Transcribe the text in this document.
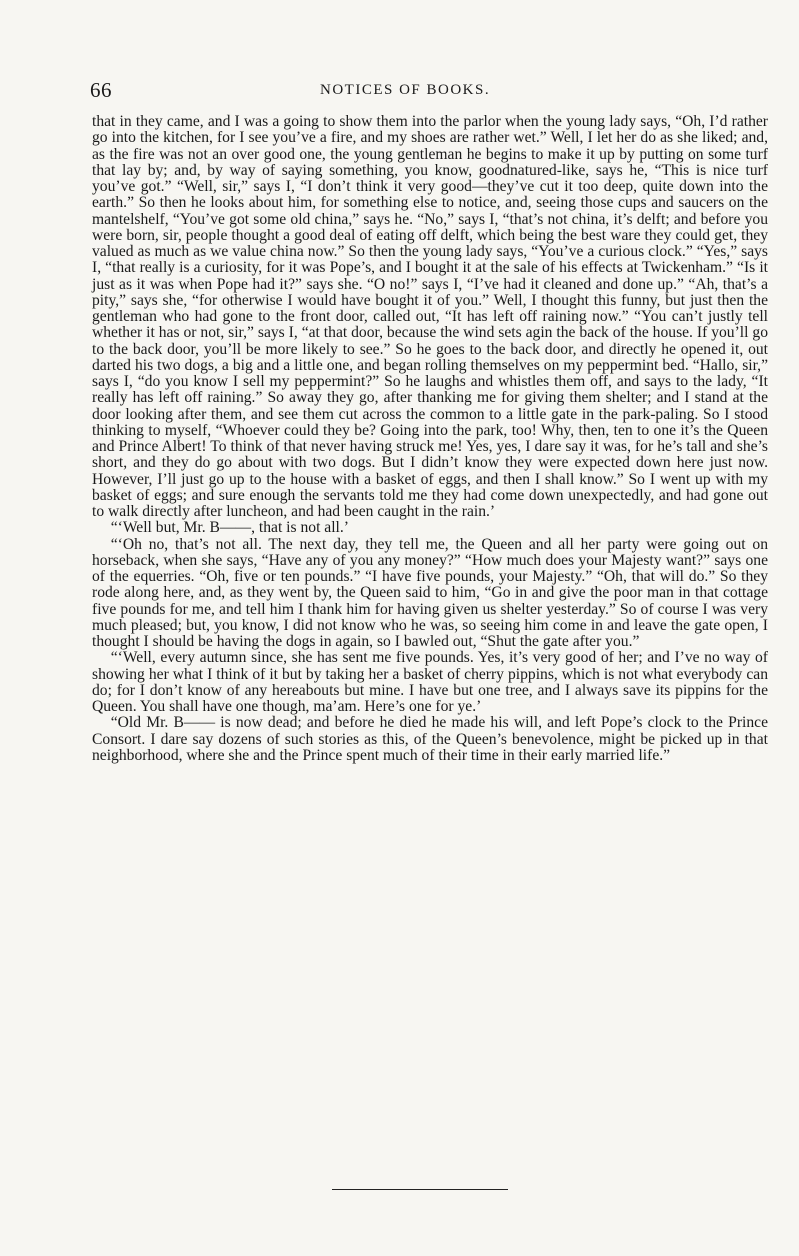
66	NOTICES OF BOOKS.

that in they came, and I was a going to show them into the parlor when the young lady says, “Oh, I’d rather go into the kitchen, for I see you’ve a fire, and my shoes are rather wet.” Well, I let her do as she liked; and, as the fire was not an over good one, the young gentleman he begins to make it up by putting on some turf that lay by; and, by way of saying something, you know, goodnatured-like, says he, “This is nice turf you’ve got.” “Well, sir,” says I, “I don’t think it very good—they’ve cut it too deep, quite down into the earth.” So then he looks about him, for something else to notice, and, seeing those cups and saucers on the mantelshelf, “You’ve got some old china,” says he. “No,” says I, “that’s not china, it’s delft; and before you were born, sir, people thought a good deal of eating off delft, which being the best ware they could get, they valued as much as we value china now.” So then the young lady says, “You’ve a curious clock.” “Yes,” says I, “that really is a curiosity, for it was Pope’s, and I bought it at the sale of his effects at Twickenham.” “Is it just as it was when Pope had it?” says she. “O no!” says I, “I’ve had it cleaned and done up.” “Ah, that’s a pity,” says she, “for otherwise I would have bought it of you.” Well, I thought this funny, but just then the gentleman who had gone to the front door, called out, “It has left off raining now.” “You can’t justly tell whether it has or not, sir,” says I, “at that door, because the wind sets agin the back of the house. If you’ll go to the back door, you’ll be more likely to see.” So he goes to the back door, and directly he opened it, out darted his two dogs, a big and a little one, and began rolling themselves on my peppermint bed. “Hallo, sir,” says I, “do you know I sell my peppermint?” So he laughs and whistles them off, and says to the lady, “It really has left off raining.” So away they go, after thanking me for giving them shelter; and I stand at the door looking after them, and see them cut across the common to a little gate in the park-paling. So I stood thinking to myself, “Whoever could they be? Going into the park, too! Why, then, ten to one it’s the Queen and Prince Albert! To think of that never having struck me! Yes, yes, I dare say it was, for he’s tall and she’s short, and they do go about with two dogs. But I didn’t know they were expected down here just now. However, I’ll just go up to the house with a basket of eggs, and then I shall know.” So I went up with my basket of eggs; and sure enough the servants told me they had come down unexpectedly, and had gone out to walk directly after luncheon, and had been caught in the rain.’

“‘Well but, Mr. B——, that is not all.’

“‘Oh no, that’s not all. The next day, they tell me, the Queen and all her party were going out on horseback, when she says, “Have any of you any money?” “How much does your Majesty want?” says one of the equerries. “Oh, five or ten pounds.” “I have five pounds, your Majesty.” “Oh, that will do.” So they rode along here, and, as they went by, the Queen said to him, “Go in and give the poor man in that cottage five pounds for me, and tell him I thank him for having given us shelter yesterday.” So of course I was very much pleased; but, you know, I did not know who he was, so seeing him come in and leave the gate open, I thought I should be having the dogs in again, so I bawled out, “Shut the gate after you.”

“‘Well, every autumn since, she has sent me five pounds. Yes, it’s very good of her; and I’ve no way of showing her what I think of it but by taking her a basket of cherry pippins, which is not what everybody can do; for I don’t know of any hereabouts but mine. I have but one tree, and I always save its pippins for the Queen. You shall have one though, ma’am. Here’s one for ye.’

“Old Mr. B—— is now dead; and before he died he made his will, and left Pope’s clock to the Prince Consort. I dare say dozens of such stories as this, of the Queen’s benevolence, might be picked up in that neighborhood, where she and the Prince spent much of their time in their early married life.”
